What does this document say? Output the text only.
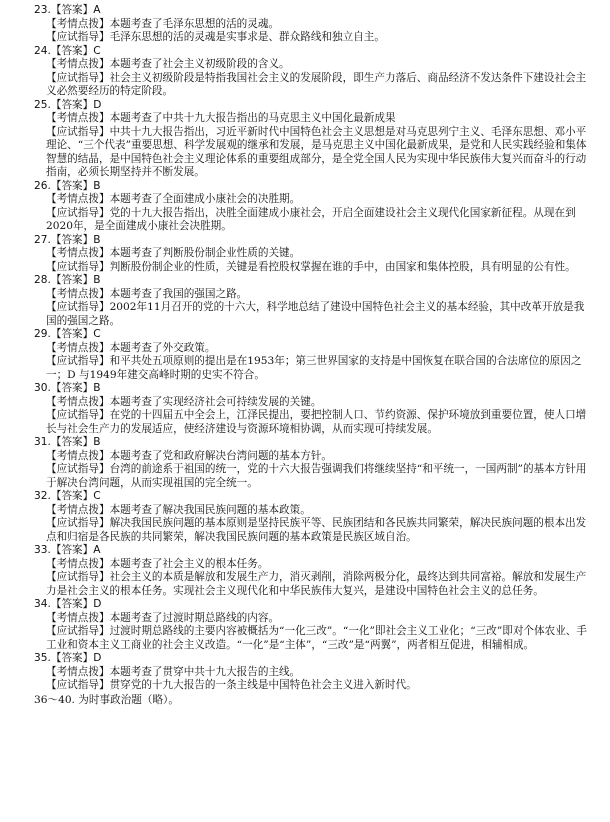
23.【答案】A
【考情点拨】本题考查了毛泽东思想的活的灵魂。
【应试指导】毛泽东思想的活的灵魂是实事求是、群众路线和独立自主。
24.【答案】C
【考情点拨】本题考查了社会主义初级阶段的含义。
【应试指导】社会主义初级阶段是特指我国社会主义的发展阶段，即生产力落后、商品经济不发达条件下建设社会主义必然要经历的特定阶段。
25.【答案】D
【考情点拨】本题考查了中共十九大报告指出的马克思主义中国化最新成果
【应试指导】中共十九大报告指出，习近平新时代中国特色社会主义思想是对马克思列宁主义、毛泽东思想、邓小平理论、“三个代表”重要思想、科学发展观的继承和发展，是马克思主义中国化最新成果，是党和人民实践经验和集体智慧的结晶，是中国特色社会主义理论体系的重要组成部分，是全党全国人民为实现中华民族伟大复兴而奋斗的行动指南，必须长期坚持并不断发展。
26.【答案】B
【考情点拨】本题考查了全面建成小康社会的决胜期。
【应试指导】党的十九大报告指出，决胜全面建成小康社会，开启全面建设社会主义现代化国家新征程。从现在到2020年，是全面建成小康社会决胜期。
27.【答案】B
【考情点拨】本题考查了判断股份制企业性质的关键。
【应试指导】判断股份制企业的性质，关键是看控股权掌握在谁的手中，由国家和集体控股，具有明显的公有性。
28.【答案】B
【考情点拨】本题考查了我国的强国之路。
【应试指导】2002年11月召开的党的十六大，科学地总结了建设中国特色社会主义的基本经验，其中改革开放是我国的强国之路。
29.【答案】C
【考情点拨】本题考查了外交政策。
【应试指导】和平共处五项原则的提出是在1953年；第三世界国家的支持是中国恢复在联合国的合法席位的原因之一；D 与1949年建交高峰时期的史实不符合。
30.【答案】B
【考情点拨】本题考查了实现经济社会可持续发展的关键。
【应试指导】在党的十四届五中全会上，江泽民提出，要把控制人口、节约资源、保护环境放到重要位置，使人口增长与社会生产力的发展适应，使经济建设与资源环境相协调，从而实现可持续发展。
31.【答案】B
【考情点拨】本题考查了党和政府解决台湾问题的基本方针。
【应试指导】台湾的前途系于祖国的统一，党的十六大报告强调我们将继续坚持“和平统一，一国两制”的基本方针用于解决台湾问题，从而实现祖国的完全统一。
32.【答案】C
【考情点拨】本题考查了解决我国民族问题的基本政策。
【应试指导】解决我国民族问题的基本原则是坚持民族平等、民族团结和各民族共同繁荣，解决民族问题的根本出发点和归宿是各民族的共同繁荣，解决我国民族问题的基本政策是民族区域自治。
33.【答案】A
【考情点拨】本题考查了社会主义的根本任务。
【应试指导】社会主义的本质是解放和发展生产力，消灭剥削，消除两极分化，最终达到共同富裕。解放和发展生产力是社会主义的根本任务。实现社会主义现代化和中华民族伟大复兴，是建设中国特色社会主义的总任务。
34.【答案】D
【考情点拨】本题考查了过渡时期总路线的内容。
【应试指导】过渡时期总路线的主要内容被概括为“一化三改”。“一化”即社会主义工业化；“三改”即对个体农业、手工业和资本主义工商业的社会主义改造。“一化”是“主体”，“三改”是“两翼”，两者相互促进，相辅相成。
35.【答案】D
【考情点拨】本题考查了贯穿中共十九大报告的主线。
【应试指导】贯穿党的十九大报告的一条主线是中国特色社会主义进入新时代。
36～40. 为时事政治题（略）。
